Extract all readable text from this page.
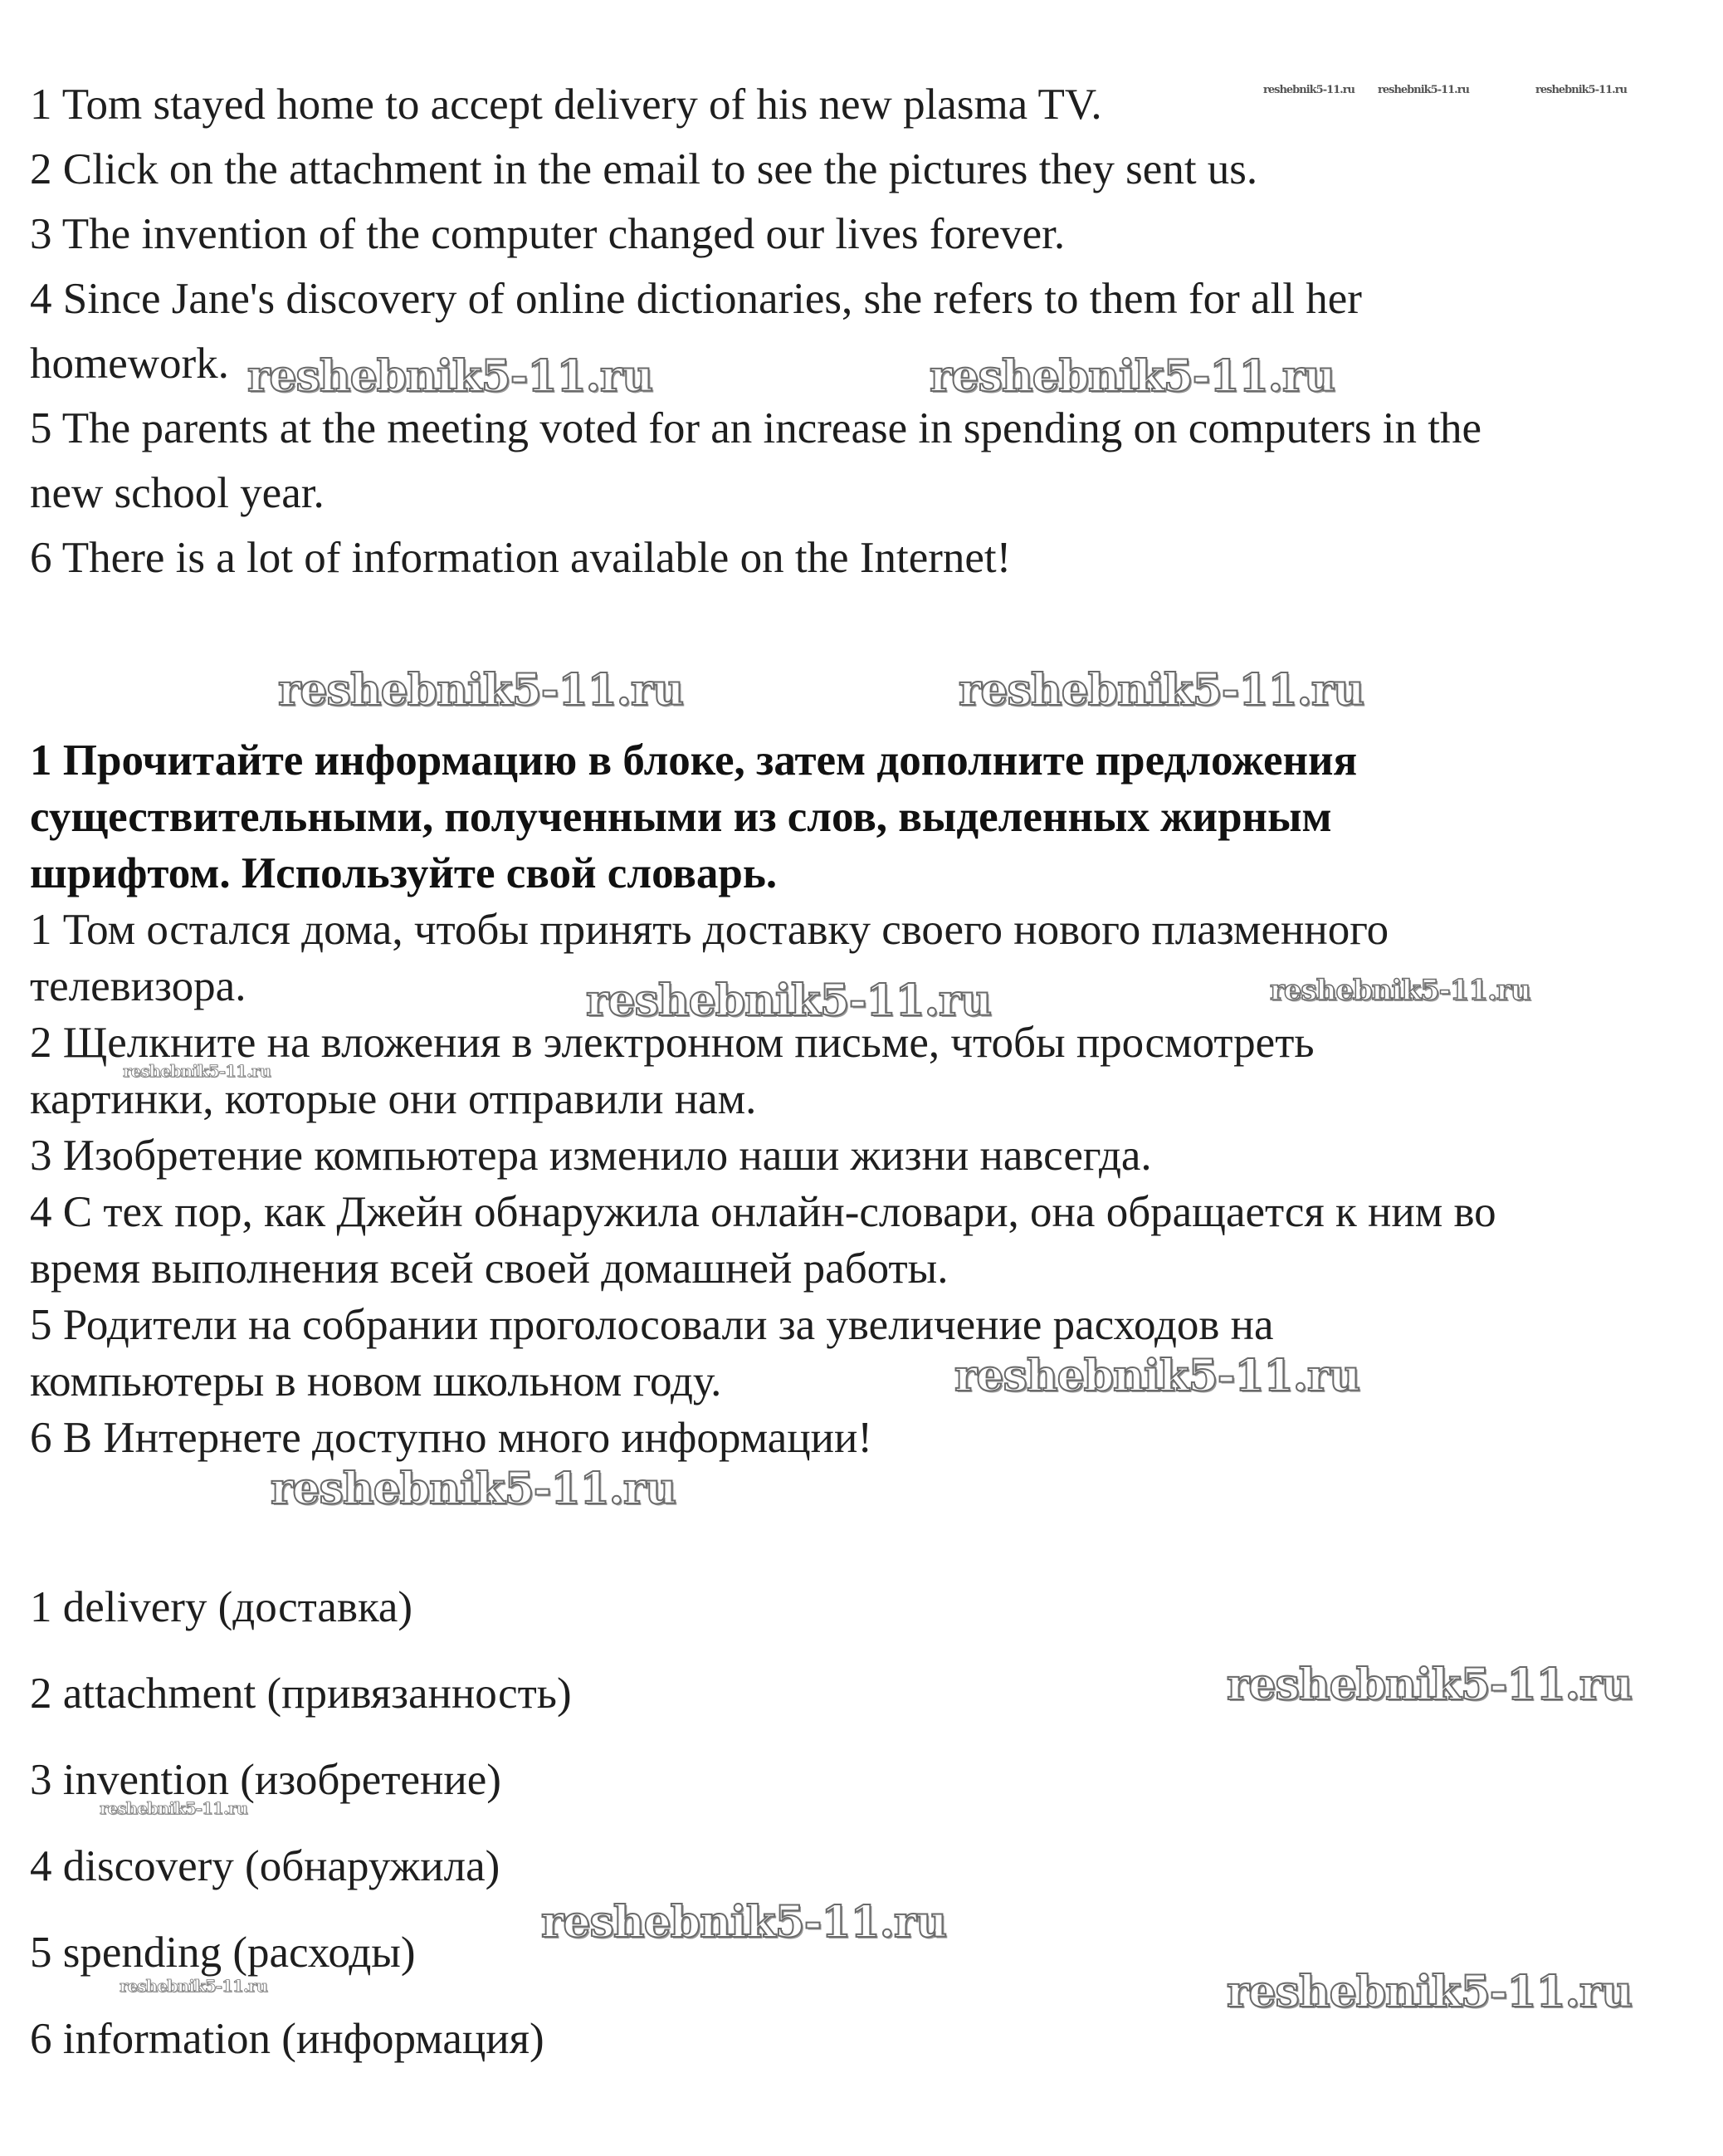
1 Tom stayed home to accept delivery of his new plasma TV.
2 Click on the attachment in the email to see the pictures they sent us.
3 The invention of the computer changed our lives forever.
4 Since Jane's discovery of online dictionaries, she refers to them for all her
homework.
5 The parents at the meeting voted for an increase in spending on computers in the
new school year.
6 There is a lot of information available on the Internet!
1 Прочитайте информацию в блоке, затем дополните предложения
существительными, полученными из слов, выделенных жирным
шрифтом. Используйте свой словарь.
1 Том остался дома, чтобы принять доставку своего нового плазменного
телевизора.
2 Щелкните на вложения в электронном письме, чтобы просмотреть
картинки, которые они отправили нам.
3 Изобретение компьютера изменило наши жизни навсегда.
4 С тех пор, как Джейн обнаружила онлайн-словари, она обращается к ним во
время выполнения всей своей домашней работы.
5 Родители на собрании проголосовали за увеличение расходов на
компьютеры в новом школьном году.
6 В Интернете доступно много информации!
1 delivery (доставка)
2 attachment (привязанность)
3 invention (изобретение)
4 discovery (обнаружила)
5 spending (расходы)
6 information (информация)
reshebnik5-11.ru reshebnik5-11.ru	reshebnik5-11.ru
reshebnik5-11.ru	reshebnik5-11.ru
reshebnik5-11.ru	reshebnik5-11.ru
reshebnik5-11.ru	reshebnik5-11.ru
reshebnik5-11.ru
reshebnik5-11.ru
reshebnik5-11.ru
reshebnik5-11.ru
reshebnik5-11.ru
reshebnik5-11.ru
reshebnik5-11.ru	reshebnik5-11.ru
